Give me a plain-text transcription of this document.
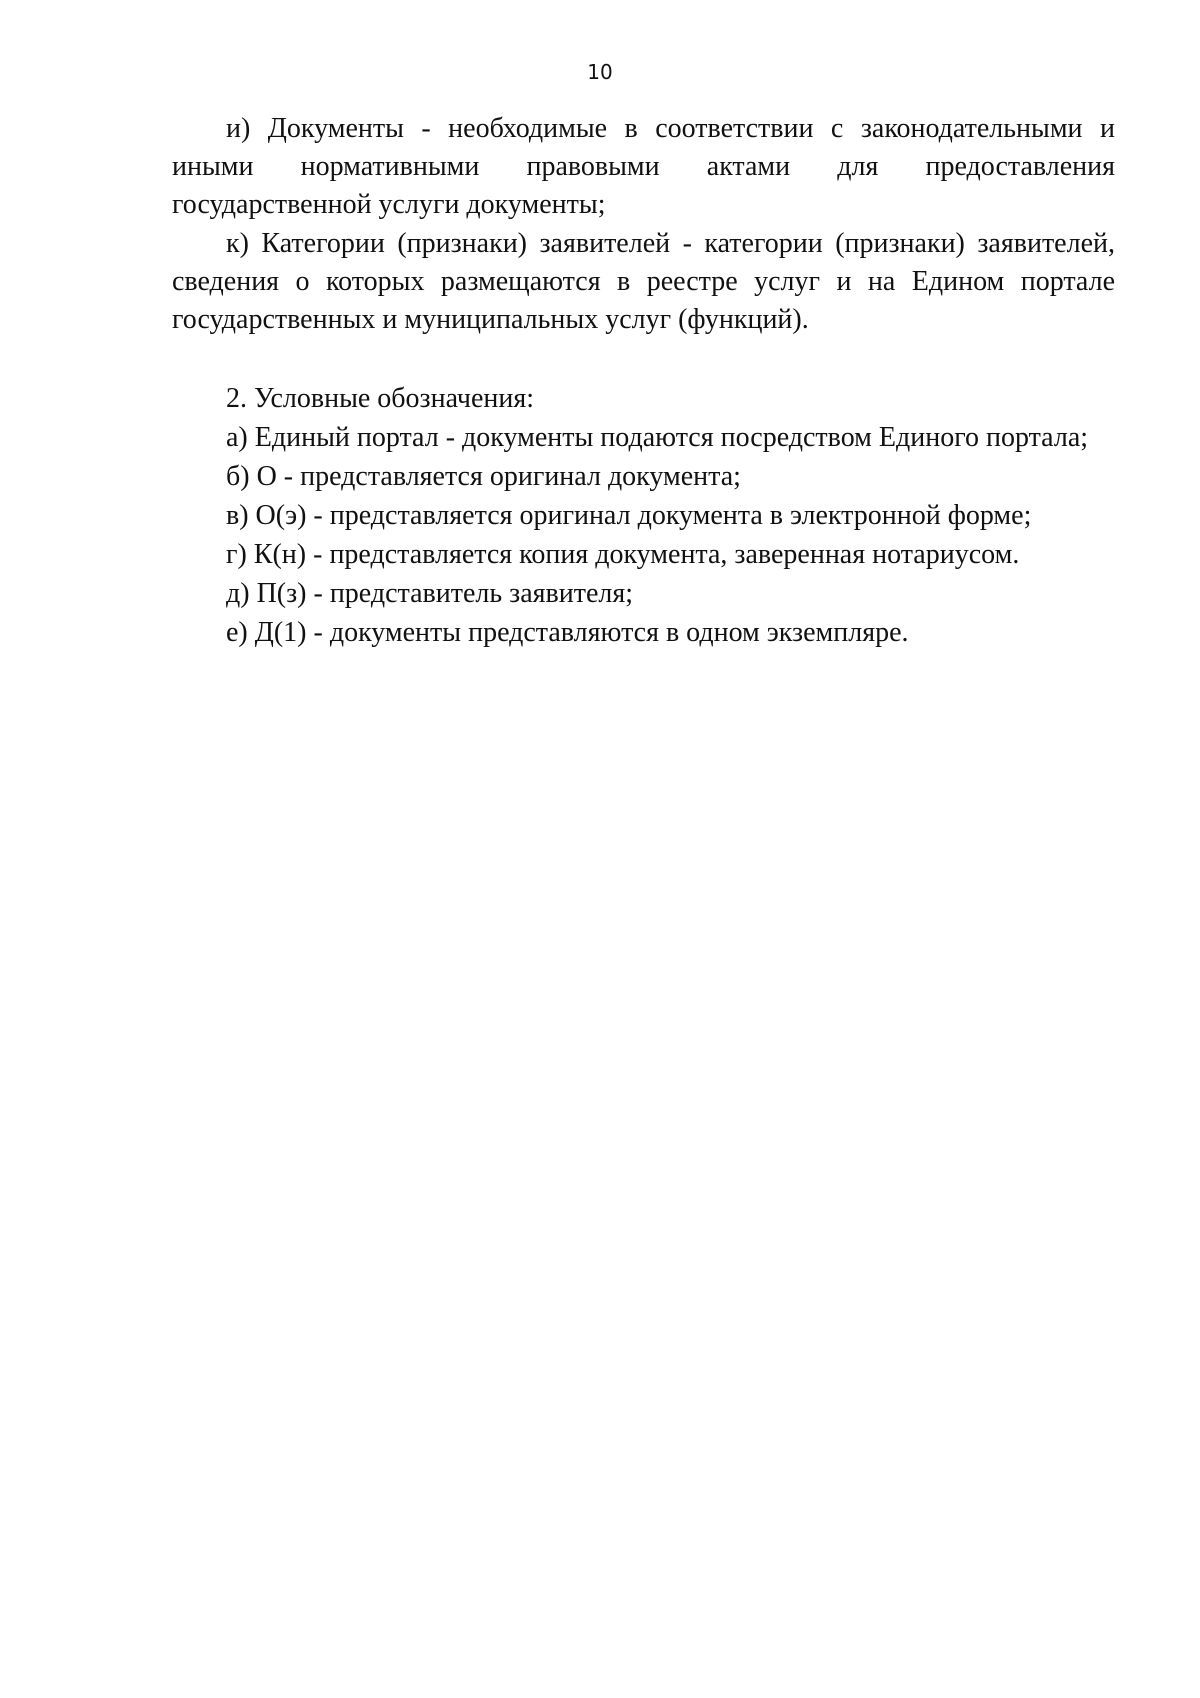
10

и) Документы - необходимые в соответствии с законодательными и иными нормативными правовыми актами для предоставления государственной услуги документы;

к) Категории (признаки) заявителей - категории (признаки) заявителей, сведения о которых размещаются в реестре услуг и на Едином портале государственных и муниципальных услуг (функций).

2. Условные обозначения:
а) Единый портал - документы подаются посредством Единого портала;
б) О - представляется оригинал документа;
в) О(э) - представляется оригинал документа в электронной форме;
г) К(н) - представляется копия документа, заверенная нотариусом.
д) П(з) - представитель заявителя;
е) Д(1) - документы представляются в одном экземпляре.
